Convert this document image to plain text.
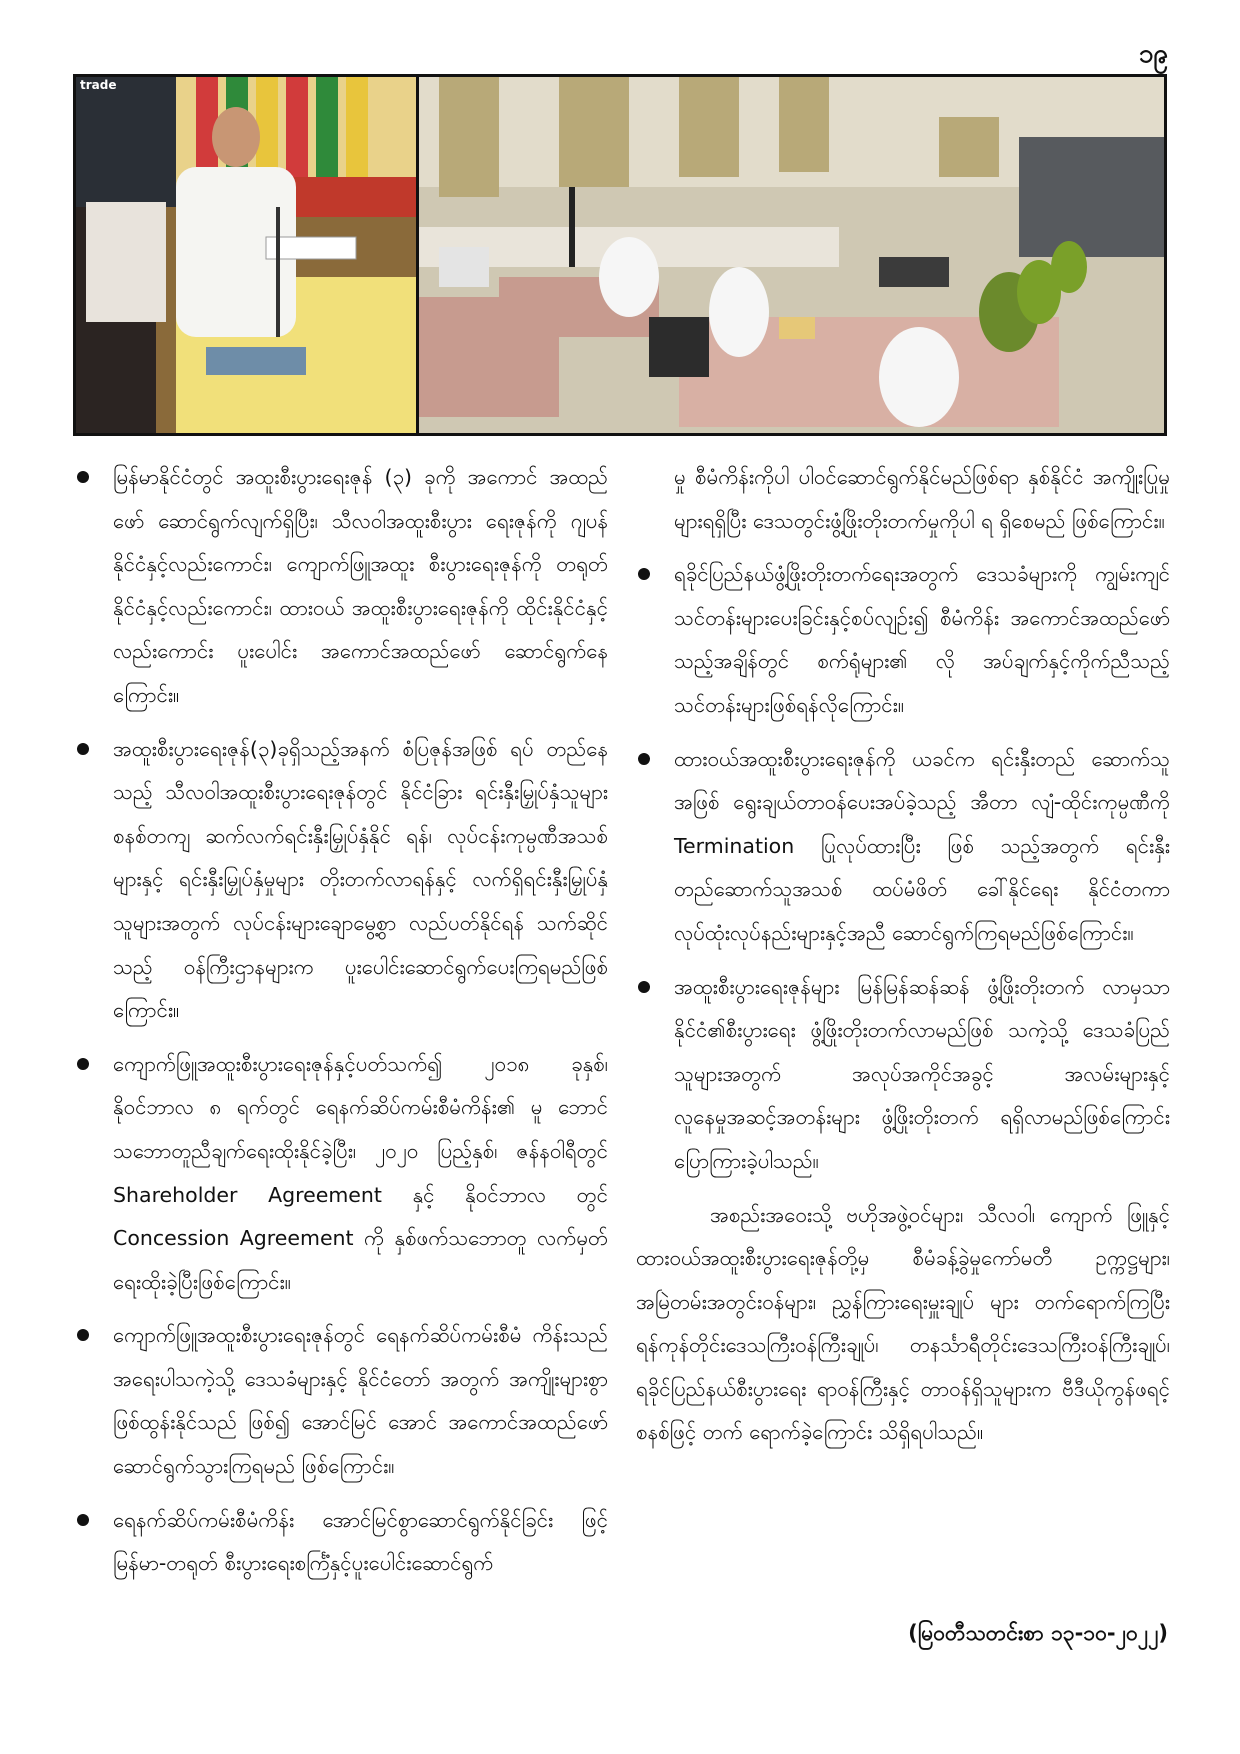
၁၉
trade
မြန်မာနိုင်ငံတွင် အထူးစီးပွားရေးဇုန် (၃) ခုကို အကောင် အထည်ဖော် ဆောင်ရွက်လျက်ရှိပြီး၊ သီလဝါအထူးစီးပွား ရေးဇုန်ကို ဂျပန်နိုင်ငံနှင့်လည်းကောင်း၊ ကျောက်ဖြူအထူး စီးပွားရေးဇုန်ကို တရုတ်နိုင်ငံနှင့်လည်းကောင်း၊ ထားဝယ် အထူးစီးပွားရေးဇုန်ကို ထိုင်းနိုင်ငံနှင့်လည်းကောင်း ပူးပေါင်း အကောင်အထည်ဖော် ဆောင်ရွက်နေကြောင်း။
အထူးစီးပွားရေးဇုန်(၃)ခုရှိသည့်အနက် စံပြဇုန်အဖြစ် ရပ် တည်နေသည့် သီလဝါအထူးစီးပွားရေးဇုန်တွင် နိုင်ငံခြား ရင်းနှီးမြှုပ်နှံသူများ စနစ်တကျ ဆက်လက်ရင်းနှီးမြှုပ်နှံနိုင် ရန်၊ လုပ်ငန်းကုမ္ပဏီအသစ်များနှင့် ရင်းနှီးမြှုပ်နှံမှုများ တိုးတက်လာရန်နှင့် လက်ရှိရင်းနှီးမြှုပ်နှံသူများအတွက် လုပ်ငန်းများချောမွေ့စွာ လည်ပတ်နိုင်ရန် သက်ဆိုင်သည့် ဝန်ကြီးဌာနများက ပူးပေါင်းဆောင်ရွက်ပေးကြရမည်ဖြစ် ကြောင်း။
ကျောက်ဖြူအထူးစီးပွားရေးဇုန်နှင့်ပတ်သက်၍ ၂၀၁၈ ခုနှစ်၊ နိုဝင်ဘာလ ၈ ရက်တွင် ရေနက်ဆိပ်ကမ်းစီမံကိန်း၏ မူ ဘောင်သဘောတူညီချက်ရေးထိုးနိုင်ခဲ့ပြီး၊ ၂၀၂၀ ပြည့်နှစ်၊ ဇန်နဝါရီတွင် Shareholder Agreement နှင့် နိုဝင်ဘာလ တွင် Concession Agreement ကို နှစ်ဖက်သဘောတူ လက်မှတ်ရေးထိုးခဲ့ပြီးဖြစ်ကြောင်း။
ကျောက်ဖြူအထူးစီးပွားရေးဇုန်တွင် ရေနက်ဆိပ်ကမ်းစီမံ ကိန်းသည် အရေးပါသကဲ့သို့ ဒေသခံများနှင့် နိုင်ငံတော် အတွက် အကျိုးများစွာဖြစ်ထွန်းနိုင်သည် ဖြစ်၍ အောင်မြင် အောင် အကောင်အထည်ဖော် ဆောင်ရွက်သွားကြရမည် ဖြစ်ကြောင်း။
ရေနက်ဆိပ်ကမ်းစီမံကိန်း အောင်မြင်စွာဆောင်ရွက်နိုင်ခြင်း ဖြင့် မြန်မာ-တရုတ် စီးပွားရေးစင်္ကြံနှင့်ပူးပေါင်းဆောင်ရွက်
မှု စီမံကိန်းကိုပါ ပါဝင်ဆောင်ရွက်နိုင်မည်ဖြစ်ရာ နှစ်နိုင်ငံ အကျိုးပြုမှုများရရှိပြီး ဒေသတွင်းဖွံ့ဖြိုးတိုးတက်မှုကိုပါ ရ ရှိစေမည် ဖြစ်ကြောင်း။
ရခိုင်ပြည်နယ်ဖွံ့ဖြိုးတိုးတက်ရေးအတွက် ဒေသခံများကို ကျွမ်းကျင်သင်တန်းများပေးခြင်းနှင့်စပ်လျဉ်း၍ စီမံကိန်း အကောင်အထည်ဖော်သည့်အချိန်တွင် စက်ရုံများ၏ လို အပ်ချက်နှင့်ကိုက်ညီသည့် သင်တန်းများဖြစ်ရန်လိုကြောင်း။
ထားဝယ်အထူးစီးပွားရေးဇုန်ကို ယခင်က ရင်းနှီးတည် ဆောက်သူအဖြစ် ရွေးချယ်တာဝန်ပေးအပ်ခဲ့သည့် အီတာ လျံ-ထိုင်းကုမ္ပဏီကို Termination ပြုလုပ်ထားပြီး ဖြစ် သည့်အတွက် ရင်းနှီးတည်ဆောက်သူအသစ် ထပ်မံဖိတ် ခေါ်နိုင်ရေး နိုင်ငံတကာ လုပ်ထုံးလုပ်နည်းများနှင့်အညီ ဆောင်ရွက်ကြရမည်ဖြစ်ကြောင်း။
အထူးစီးပွားရေးဇုန်များ မြန်မြန်ဆန်ဆန် ဖွံ့ဖြိုးတိုးတက် လာမှသာ နိုင်ငံ၏စီးပွားရေး ဖွံ့ဖြိုးတိုးတက်လာမည်ဖြစ် သကဲ့သို့ ဒေသခံပြည်သူများအတွက် အလုပ်အကိုင်အခွင့် အလမ်းများနှင့် လူနေမှုအဆင့်အတန်းများ ဖွံ့ဖြိုးတိုးတက် ရရှိလာမည်ဖြစ်ကြောင်းပြောကြားခဲ့ပါသည်။

အစည်းအဝေးသို့ ဗဟိုအဖွဲ့ဝင်များ၊ သီလဝါ၊ ကျောက် ဖြူနှင့် ထားဝယ်အထူးစီးပွားရေးဇုန်တို့မှ စီမံခန့်ခွဲမှုကော်မတီ ဥက္ကဋ္ဌများ၊ အမြဲတမ်းအတွင်းဝန်များ၊ ညွှန်ကြားရေးမှူးချုပ် များ တက်ရောက်ကြပြီး ရန်ကုန်တိုင်းဒေသကြီးဝန်ကြီးချုပ်၊ တနင်္သာရီတိုင်းဒေသကြီးဝန်ကြီးချုပ်၊ ရခိုင်ပြည်နယ်စီးပွားရေး ရာဝန်ကြီးနှင့် တာဝန်ရှိသူများက ဗီဒီယိုကွန်ဖရင့်စနစ်ဖြင့် တက် ရောက်ခဲ့ကြောင်း သိရှိရပါသည်။

(မြဝတီသတင်းစာ ၁၃-၁၀-၂၀၂၂)
